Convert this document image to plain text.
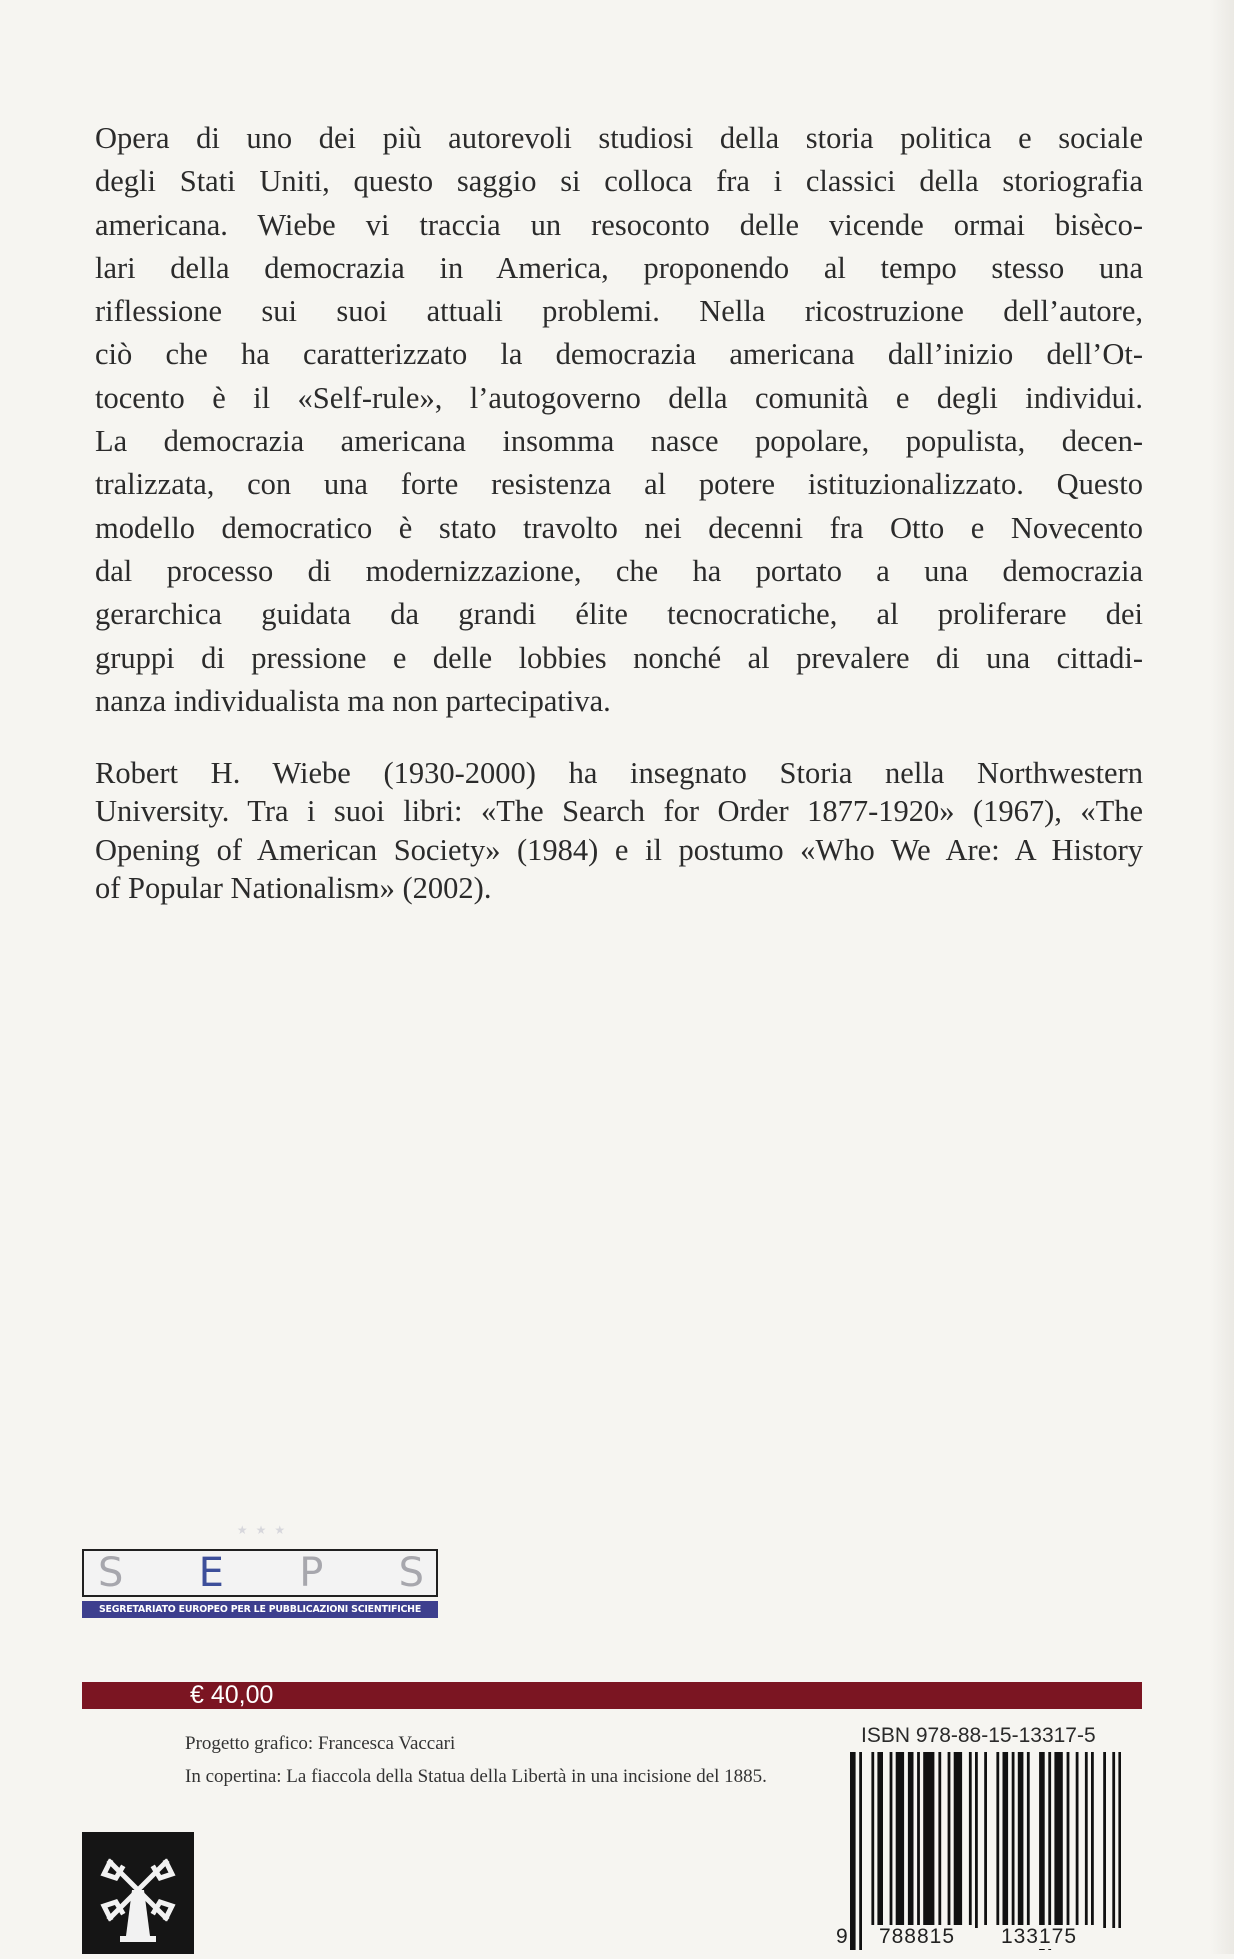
Opera di uno dei più autorevoli studiosi della storia politica e sociale
degli Stati Uniti, questo saggio si colloca fra i classici della storiografia
americana. Wiebe vi traccia un resoconto delle vicende ormai bisèco-
lari della democrazia in America, proponendo al tempo stesso una
riflessione sui suoi attuali problemi. Nella ricostruzione dell’autore,
ciò che ha caratterizzato la democrazia americana dall’inizio dell’Ot-
tocento è il «Self-rule», l’autogoverno della comunità e degli individui.
La democrazia americana insomma nasce popolare, populista, decen-
tralizzata, con una forte resistenza al potere istituzionalizzato. Questo
modello democratico è stato travolto nei decenni fra Otto e Novecento
dal processo di modernizzazione, che ha portato a una democrazia
gerarchica guidata da grandi élite tecnocratiche, al proliferare dei
gruppi di pressione e delle lobbies nonché al prevalere di una cittadi-
nanza individualista ma non partecipativa.

Robert H. Wiebe (1930-2000) ha insegnato Storia nella Northwestern
University. Tra i suoi libri: «The Search for Order 1877-1920» (1967), «The
Opening of American Society» (1984) e il postumo «Who We Are: A History
of Popular Nationalism» (2002).

★★★
S E P S
SEGRETARIATO EUROPEO PER LE PUBBLICAZIONI SCIENTIFICHE
€ 40,00
Progetto grafico: Francesca Vaccari
In copertina: La fiaccola della Statua della Libertà in una incisione del 1885.
ISBN 978-88-15-13317-5
9	788815	133175
